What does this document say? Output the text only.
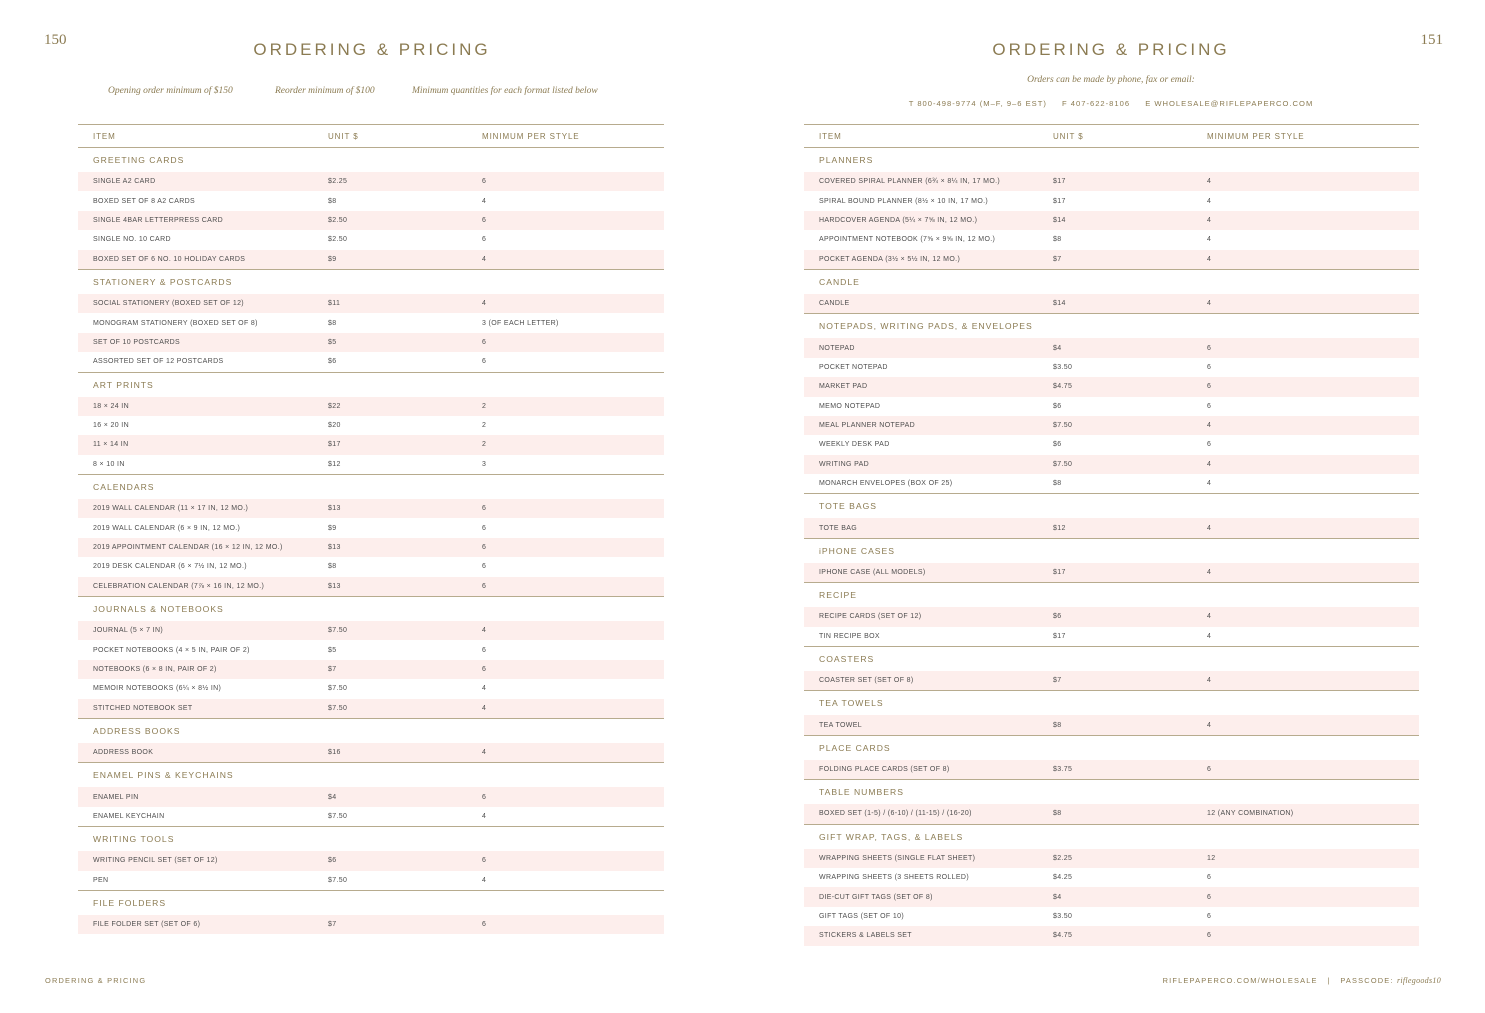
150	ORDERING & PRICING
Opening order minimum of $150	Reorder minimum of $100	Minimum quantities for each format listed below
ITEM	UNIT $	MINIMUM PER STYLE
GREETING CARDS
SINGLE A2 CARD	$2.25	6
BOXED SET OF 8 A2 CARDS	$8	4
SINGLE 4BAR LETTERPRESS CARD	$2.50	6
SINGLE NO. 10 CARD	$2.50	6
BOXED SET OF 6 NO. 10 HOLIDAY CARDS	$9	4
STATIONERY & POSTCARDS
SOCIAL STATIONERY (BOXED SET OF 12)	$11	4
MONOGRAM STATIONERY (BOXED SET OF 8)	$8	3 (OF EACH LETTER)
SET OF 10 POSTCARDS	$5	6
ASSORTED SET OF 12 POSTCARDS	$6	6
ART PRINTS
18 × 24 IN	$22	2
16 × 20 IN	$20	2
11 × 14 IN	$17	2
8 × 10 IN	$12	3
CALENDARS
2019 WALL CALENDAR (11 × 17 IN, 12 MO.)	$13	6
2019 WALL CALENDAR (6 × 9 IN, 12 MO.)	$9	6
2019 APPOINTMENT CALENDAR (16 × 12 IN, 12 MO.)	$13	6
2019 DESK CALENDAR (6 × 7½ IN, 12 MO.)	$8	6
CELEBRATION CALENDAR (7⅞ × 16 IN, 12 MO.)	$13	6
JOURNALS & NOTEBOOKS
JOURNAL (5 × 7 IN)	$7.50	4
POCKET NOTEBOOKS (4 × 5 IN, PAIR OF 2)	$5	6
NOTEBOOKS (6 × 8 IN, PAIR OF 2)	$7	6
MEMOIR NOTEBOOKS (6¼ × 8½ IN)	$7.50	4
STITCHED NOTEBOOK SET	$7.50	4
ADDRESS BOOKS
ADDRESS BOOK	$16	4
ENAMEL PINS & KEYCHAINS
ENAMEL PIN	$4	6
ENAMEL KEYCHAIN	$7.50	4
WRITING TOOLS
WRITING PENCIL SET (SET OF 12)	$6	6
PEN	$7.50	4
FILE FOLDERS
FILE FOLDER SET (SET OF 6)	$7	6
ORDERING & PRICING
151
ORDERING & PRICING
Orders can be made by phone, fax or email:
T 800-498-9774 (M–F, 9–6 EST) F 407-622-8106 E WHOLESALE@RIFLEPAPERCO.COM
ITEM	UNIT $	MINIMUM PER STYLE
PLANNERS
COVERED SPIRAL PLANNER (6¾ × 8¼ IN, 17 MO.)	$17	4
SPIRAL BOUND PLANNER (8½ × 10 IN, 17 MO.)	$17	4
HARDCOVER AGENDA (5¼ × 7⅝ IN, 12 MO.)	$14	4
APPOINTMENT NOTEBOOK (7⅝ × 9⅝ IN, 12 MO.)	$8	4
POCKET AGENDA (3½ × 5½ IN, 12 MO.)	$7	4
CANDLE
CANDLE	$14	4
NOTEPADS, WRITING PADS, & ENVELOPES
NOTEPAD	$4	6
POCKET NOTEPAD	$3.50	6
MARKET PAD	$4.75	6
MEMO NOTEPAD	$6	6
MEAL PLANNER NOTEPAD	$7.50	4
WEEKLY DESK PAD	$6	6
WRITING PAD	$7.50	4
MONARCH ENVELOPES (BOX OF 25)	$8	4
TOTE BAGS
TOTE BAG	$12	4
iPHONE CASES
IPHONE CASE (ALL MODELS)	$17	4
RECIPE
RECIPE CARDS (SET OF 12)	$6	4
TIN RECIPE BOX	$17	4
COASTERS
COASTER SET (SET OF 8)	$7	4
TEA TOWELS
TEA TOWEL	$8	4
PLACE CARDS
FOLDING PLACE CARDS (SET OF 8)	$3.75	6
TABLE NUMBERS
BOXED SET (1-5) / (6-10) / (11-15) / (16-20)	$8	12 (ANY COMBINATION)
GIFT WRAP, TAGS, & LABELS
WRAPPING SHEETS (SINGLE FLAT SHEET)	$2.25	12
WRAPPING SHEETS (3 SHEETS ROLLED)	$4.25	6
DIE-CUT GIFT TAGS (SET OF 8)	$4	6
GIFT TAGS (SET OF 10)	$3.50	6
STICKERS & LABELS SET	$4.75	6
RIFLEPAPERCO.COM/WHOLESALE | PASSCODE: riflegoods10
